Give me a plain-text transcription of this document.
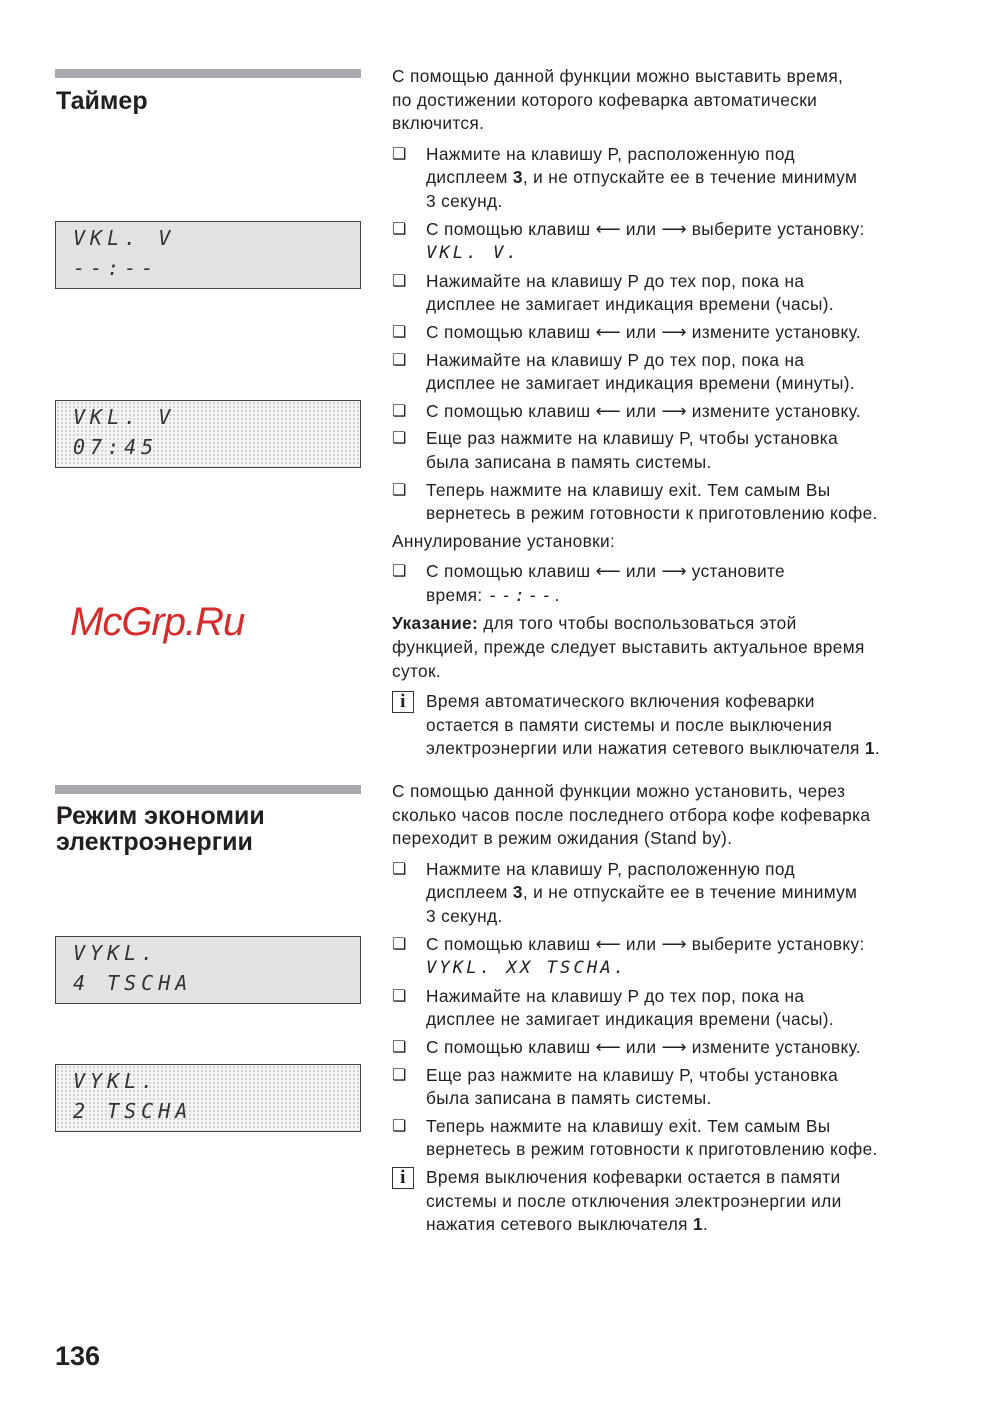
Таймер
VKL. V
--:--
VKL. V
07:45
С помощью данной функции можно выставить время,
по достижении которого кофеварка автоматически
включится.
❏ Нажмите на клавишу P, расположенную под
дисплеем 3, и не отпускайте ее в течение минимум
3 секунд.
❏ С помощью клавиш ⟵ или ⟶ выберите установку:
VKL. V.
❏ Нажимайте на клавишу P до тех пор, пока на
дисплее не замигает индикация времени (часы).
❏ С помощью клавиш ⟵ или ⟶ измените установку.
❏ Нажимайте на клавишу P до тех пор, пока на
дисплее не замигает индикация времени (минуты).
❏ С помощью клавиш ⟵ или ⟶ измените установку.
❏ Еще раз нажмите на клавишу P, чтобы установка
была записана в память системы.
❏ Теперь нажмите на клавишу exit. Тем самым Вы
вернетесь в режим готовности к приготовлению кофе.
Аннулирование установки:
❏ С помощью клавиш ⟵ или ⟶ установите
время: --:--.
Указание: для того чтобы воспользоваться этой
функцией, прежде следует выставить актуальное время
суток.
i	Время автоматического включения кофеварки
остается в памяти системы и после выключения
электроэнергии или нажатия сетевого выключателя 1.
Режим экономии
электроэнергии
VYKL.
4 TSCHA
VYKL.
2 TSCHA
С помощью данной функции можно установить, через
сколько часов после последнего отбора кофе кофеварка
переходит в режим ожидания (Stand by).
❏ Нажмите на клавишу P, расположенную под
дисплеем 3, и не отпускайте ее в течение минимум
3 секунд.
❏ С помощью клавиш ⟵ или ⟶ выберите установку:
VYKL. XX TSCHA.
❏ Нажимайте на клавишу P до тех пор, пока на
дисплее не замигает индикация времени (часы).
❏ С помощью клавиш ⟵ или ⟶ измените установку.
❏ Еще раз нажмите на клавишу P, чтобы установка
была записана в память системы.
❏ Теперь нажмите на клавишу exit. Тем самым Вы
вернетесь в режим готовности к приготовлению кофе.
i	Время выключения кофеварки остается в памяти
системы и после отключения электроэнергии или
нажатия сетевого выключателя 1.
McGrp.Ru
136
